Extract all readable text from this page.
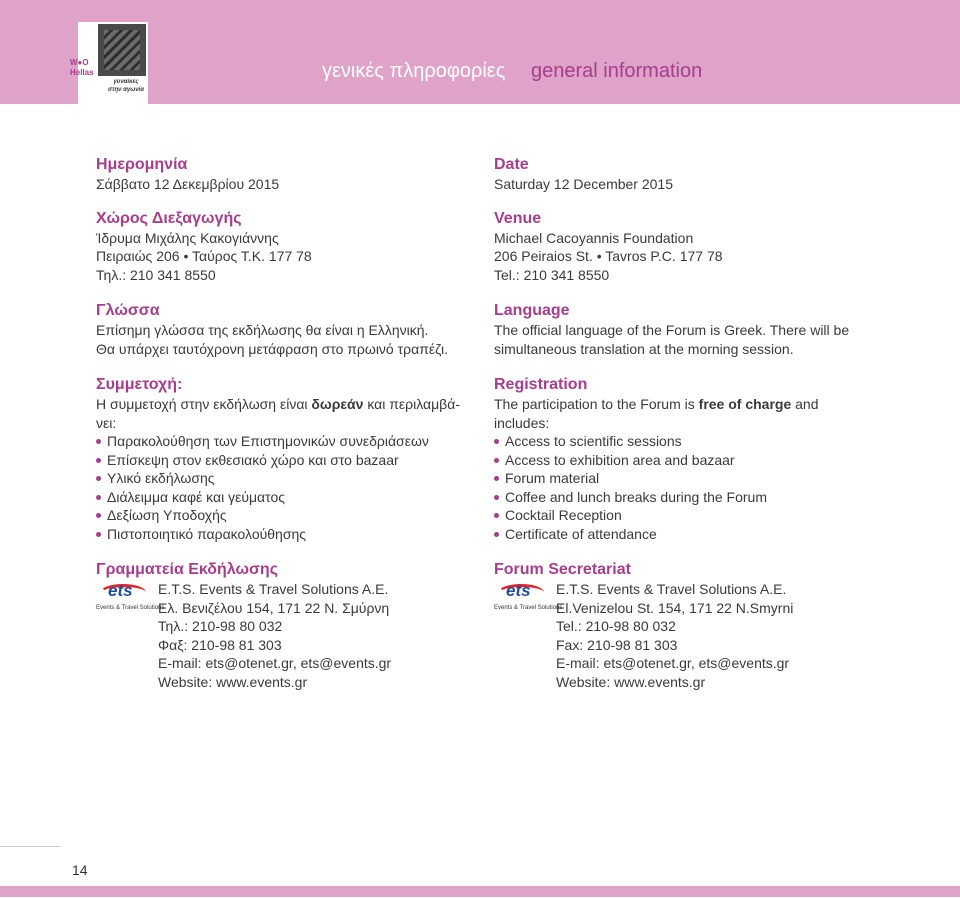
W●O Hellas
γυναίκες στην αγωνία
γενικές πληροφορίες general information

Ημερομηνία

Σάββατο 12 Δεκεμβρίου 2015

Χώρος Διεξαγωγής

Ίδρυμα Μιχάλης Κακογιάννης

Πειραιώς 206 • Ταύρος Τ.Κ. 177 78

Τηλ.: 210 341 8550

Γλώσσα

Επίσημη γλώσσα της εκδήλωσης θα είναι η Ελληνική.

Θα υπάρχει ταυτόχρονη μετάφραση στο πρωινό τραπέζι.

Συμμετοχή:

Η συμμετοχή στην εκδήλωση είναι δωρεάν και περιλαμβά-

νει:

Παρακολούθηση των Επιστημονικών συνεδριάσεων
Επίσκεψη στον εκθεσιακό χώρο και στο bazaar
Υλικό εκδήλωσης
Διάλειμμα καφέ και γεύματος
Δεξίωση Υποδοχής
Πιστοποιητικό παρακολούθησης

Γραμματεία Εκδήλωσης

ets
Events & Travel Solutions

E.T.S. Events & Travel Solutions A.E.

Ελ. Βενιζέλου 154, 171 22 Ν. Σμύρνη

Τηλ.: 210-98 80 032

Φαξ: 210-98 81 303

E-mail: ets@otenet.gr, ets@events.gr

Website: www.events.gr

Date

Saturday 12 December 2015

Venue

Michael Cacoyannis Foundation

206 Peiraios St. • Tavros P.C. 177 78

Tel.: 210 341 8550

Language

The official language of the Forum is Greek. There will be

simultaneous translation at the morning session.

Registration

The participation to the Forum is free of charge and

includes:

Access to scientific sessions
Access to exhibition area and bazaar
Forum material
Coffee and lunch breaks during the Forum
Cocktail Reception
Certificate of attendance

Forum Secretariat

ets
Events & Travel Solutions

E.T.S. Events & Travel Solutions A.E.

El.Venizelou St. 154, 171 22 N.Smyrni

Tel.: 210-98 80 032

Fax: 210-98 81 303

E-mail: ets@otenet.gr, ets@events.gr

Website: www.events.gr

14
